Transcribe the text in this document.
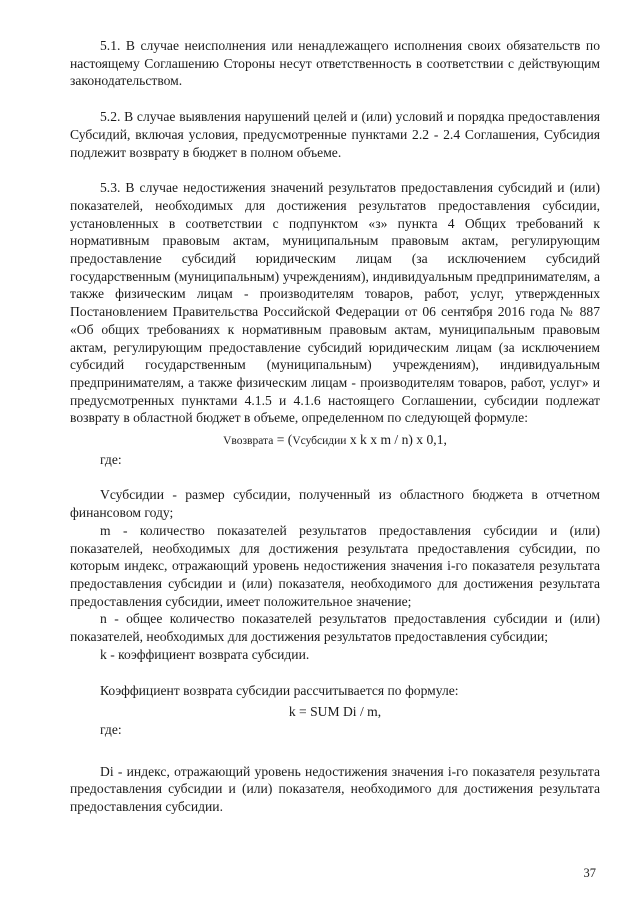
5.1. В случае неисполнения или ненадлежащего исполнения своих обязательств по настоящему Соглашению Стороны несут ответственность в соответствии с действующим законодательством.

5.2. В случае выявления нарушений целей и (или) условий и порядка предоставления Субсидий, включая условия, предусмотренные пунктами 2.2 - 2.4 Соглашения, Субсидия подлежит возврату в бюджет в полном объеме.

5.3. В случае недостижения значений результатов предоставления субсидий и (или) показателей, необходимых для достижения результатов предоставления субсидии, установленных в соответствии с подпунктом «з» пункта 4 Общих требований к нормативным правовым актам, муниципальным правовым актам, регулирующим предоставление субсидий юридическим лицам (за исключением субсидий государственным (муниципальным) учреждениям), индивидуальным предпринимателям, а также физическим лицам - производителям товаров, работ, услуг, утвержденных Постановлением Правительства Российской Федерации от 06 сентября 2016 года № 887 «Об общих требованиях к нормативным правовым актам, муниципальным правовым актам, регулирующим предоставление субсидий юридическим лицам (за исключением субсидий государственным (муниципальным) учреждениям), индивидуальным предпринимателям, а также физическим лицам - производителям товаров, работ, услуг» и предусмотренных пунктами 4.1.5 и 4.1.6 настоящего Соглашении, субсидии подлежат возврату в областной бюджет в объеме, определенном по следующей формуле:

Vвозврата = (Vсубсидии x k x m / n) x 0,1,

где:

Vсубсидии - размер субсидии, полученный из областного бюджета в отчетном финансовом году;

m - количество показателей результатов предоставления субсидии и (или) показателей, необходимых для достижения результата предоставления субсидии, по которым индекс, отражающий уровень недостижения значения i-го показателя результата предоставления субсидии и (или) показателя, необходимого для достижения результата предоставления субсидии, имеет положительное значение;

n - общее количество показателей результатов предоставления субсидии и (или) показателей, необходимых для достижения результатов предоставления субсидии;

k - коэффициент возврата субсидии.

Коэффициент возврата субсидии рассчитывается по формуле:

k = SUM Di / m,

где:

Di - индекс, отражающий уровень недостижения значения i-го показателя результата предоставления субсидии и (или) показателя, необходимого для достижения результата предоставления субсидии.

37
